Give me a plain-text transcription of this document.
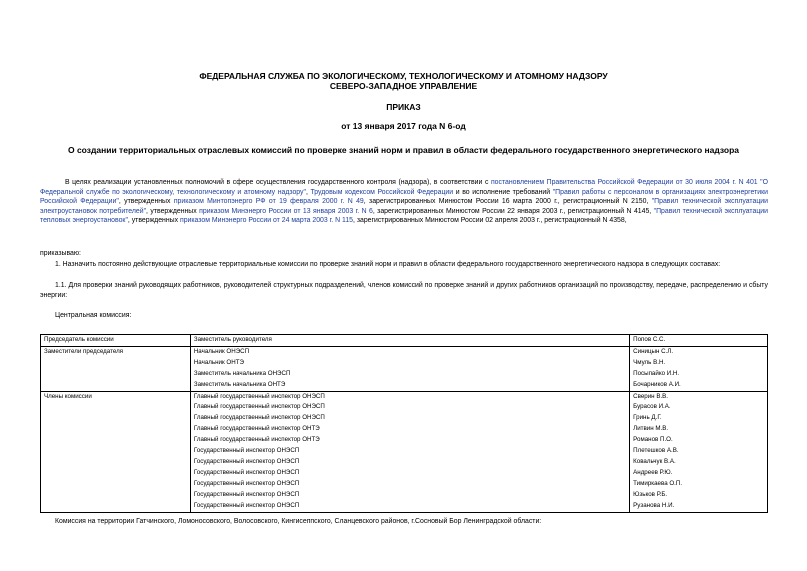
ФЕДЕРАЛЬНАЯ СЛУЖБА ПО ЭКОЛОГИЧЕСКОМУ, ТЕХНОЛОГИЧЕСКОМУ И АТОМНОМУ НАДЗОРУ
СЕВЕРО-ЗАПАДНОЕ УПРАВЛЕНИЕ
ПРИКАЗ
от 13 января 2017 года N 6-од
О создании территориальных отраслевых комиссий по проверке знаний норм и правил в области федерального государственного энергетического надзора
В целях реализации установленных полномочий в сфере осуществления государственного контроля (надзора), в соответствии с постановлением Правительства Российской Федерации от 30 июля 2004 г. N 401 "О Федеральной службе по экологическому, технологическому и атомному надзору", Трудовым кодексом Российской Федерации и во исполнение требований "Правил работы с персоналом в организациях электроэнергетики Российской Федерации", утвержденных приказом Минтопэнерго РФ от 19 февраля 2000 г. N 49, зарегистрированных Минюстом России 16 марта 2000 г., регистрационный N 2150, "Правил технической эксплуатации электроустановок потребителей", утвержденных приказом Минэнерго России от 13 января 2003 г. N 6, зарегистрированных Минюстом России 22 января 2003 г., регистрационный N 4145, "Правил технической эксплуатации тепловых энергоустановок", утвержденных приказом Минэнерго России от 24 марта 2003 г. N 115, зарегистрированных Минюстом России 02 апреля 2003 г., регистрационный N 4358,
приказываю:
1. Назначить постоянно действующие отраслевые территориальные комиссии по проверке знаний норм и правил в области федерального государственного энергетического надзора в следующих составах:
1.1. Для проверки знаний руководящих работников, руководителей структурных подразделений, членов комиссий по проверке знаний и других работников организаций по производству, передаче, распределению и сбыту энергии:
Центральная комиссия:
Председатель комиссии	Заместитель руководителя	Попов С.С.
Заместители председателя	Начальник ОНЭСП	Синицын С.Л.
	Начальник ОНТЭ	Чмуль В.Н.
	Заместитель начальника ОНЭСП	Посыпайко И.Н.
	Заместитель начальника ОНТЭ	Бочарников А.И.
Члены комиссии	Главный государственный инспектор ОНЭСП	Сверин В.В.
	Главный государственный инспектор ОНЭСП	Бурасов И.А.
	Главный государственный инспектор ОНЭСП	Гринь Д.Г.
	Главный государственный инспектор ОНТЭ	Литвин М.В.
	Главный государственный инспектор ОНТЭ	Романов П.О.
	Государственный инспектор ОНЭСП	Плетешков А.В.
	Государственный инспектор ОНЭСП	Ковальчук В.А.
	Государственный инспектор ОНЭСП	Андреев Р.Ю.
	Государственный инспектор ОНЭСП	Тимиркаева О.П.
	Государственный инспектор ОНЭСП	Юзьков Р.Б.
	Государственный инспектор ОНЭСП	Рузанова Н.И.
Комиссия на территории Гатчинского, Ломоносовского, Волосовского, Кингисеппского, Сланцевского районов, г.Сосновый Бор Ленинградской области:
